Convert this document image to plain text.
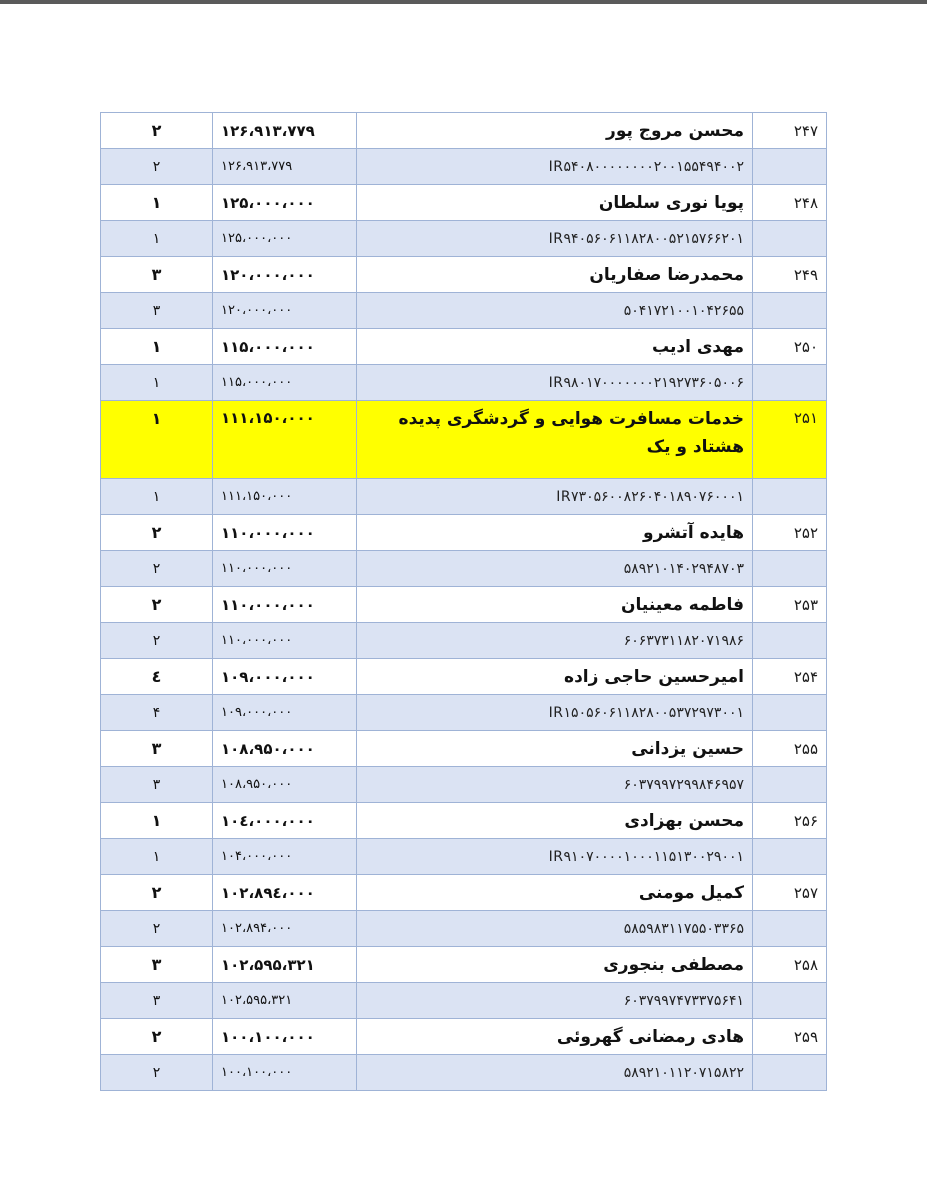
۲۴۷	محسن مروج پور	۱۲۶،۹۱۳،۷۷۹	۲
	IR۵۴۰۸۰۰۰۰۰۰۰۰۲۰۰۱۵۵۴۹۴۰۰۲	۱۲۶،۹۱۳،۷۷۹	۲
۲۴۸	پویا نوری سلطان	۱۲۵،۰۰۰،۰۰۰	۱
	IR۹۴۰۵۶۰۶۱۱۸۲۸۰۰۵۲۱۵۷۶۶۲۰۱	۱۲۵،۰۰۰،۰۰۰	۱
۲۴۹	محمدرضا صفاریان	۱۲۰،۰۰۰،۰۰۰	۳
	۵۰۴۱۷۲۱۰۰۱۰۴۲۶۵۵	۱۲۰،۰۰۰،۰۰۰	۳
۲۵۰	مهدی ادیب	۱۱۵،۰۰۰،۰۰۰	۱
	IR۹۸۰۱۷۰۰۰۰۰۰۰۲۱۹۲۷۳۶۰۵۰۰۶	۱۱۵،۰۰۰،۰۰۰	۱
۲۵۱	خدمات مسافرت هوایی و گردشگری پدیده هشتاد و یک	۱۱۱،۱۵۰،۰۰۰	۱
	IR۷۳۰۵۶۰۰۸۲۶۰۴۰۱۸۹۰۷۶۰۰۰۱	۱۱۱،۱۵۰،۰۰۰	۱
۲۵۲	هایده آتشرو	۱۱۰،۰۰۰،۰۰۰	۲
	۵۸۹۲۱۰۱۴۰۲۹۴۸۷۰۳	۱۱۰،۰۰۰،۰۰۰	۲
۲۵۳	فاطمه معینیان	۱۱۰،۰۰۰،۰۰۰	۲
	۶۰۶۳۷۳۱۱۸۲۰۷۱۹۸۶	۱۱۰،۰۰۰،۰۰۰	۲
۲۵۴	امیرحسین حاجی زاده	۱۰۹،۰۰۰،۰۰۰	٤
	IR۱۵۰۵۶۰۶۱۱۸۲۸۰۰۵۳۷۲۹۷۳۰۰۱	۱۰۹،۰۰۰،۰۰۰	۴
۲۵۵	حسین یزدانی	۱۰۸،۹۵۰،۰۰۰	۳
	۶۰۳۷۹۹۷۲۹۹۸۴۶۹۵۷	۱۰۸،۹۵۰،۰۰۰	۳
۲۵۶	محسن بهزادی	۱۰٤،۰۰۰،۰۰۰	۱
	IR۹۱۰۷۰۰۰۰۱۰۰۰۱۱۵۱۳۰۰۲۹۰۰۱	۱۰۴،۰۰۰،۰۰۰	۱
۲۵۷	کمیل مومنی	۱۰۲،۸۹٤،۰۰۰	۲
	۵۸۵۹۸۳۱۱۷۵۵۰۳۳۶۵	۱۰۲،۸۹۴،۰۰۰	۲
۲۵۸	مصطفی بنجوری	۱۰۲،۵۹۵،۳۲۱	۳
	۶۰۳۷۹۹۷۴۷۳۳۷۵۶۴۱	۱۰۲،۵۹۵،۳۲۱	۳
۲۵۹	هادی رمضانی گهروئی	۱۰۰،۱۰۰،۰۰۰	۲
	۵۸۹۲۱۰۱۱۲۰۷۱۵۸۲۲	۱۰۰،۱۰۰،۰۰۰	۲
